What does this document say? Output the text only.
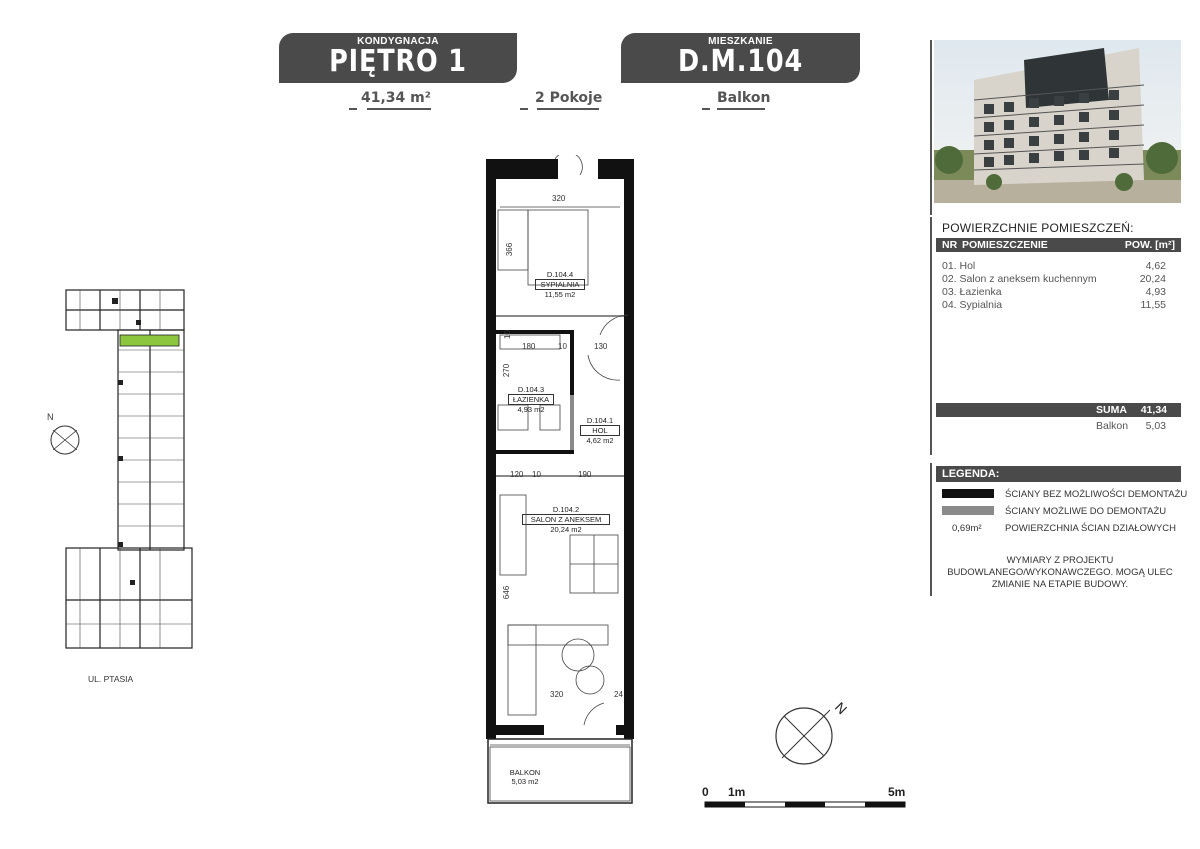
KONDYGNACJA
PIĘTRO 1
MIESZKANIE
D.M.104
41,34 m²	2 Pokoje	Balkon
POWIERZCHNIE POMIESZCZEŃ:
NR POMIESZCZENIE	POW. [m²]
01. Hol	4,62
02. Salon z aneksem kuchennym	20,24
03. Łazienka	4,93
04. Sypialnia	11,55
SUMA 41,34
Balkon 5,03
LEGENDA:
ŚCIANY BEZ MOŻLIWOŚCI DEMONTAŻU
ŚCIANY MOŻLIWE DO DEMONTAŻU
0,69m² POWIERZCHNIA ŚCIAN DZIAŁOWYCH
WYMIARY Z PROJEKTU BUDOWLANEGO/WYKONAWCZEGO. MOGĄ ULEC ZMIANIE NA ETAPIE BUDOWY.
UL. PTASIA
N
D.104.4
SYPIALNIA
11,55 m2
D.104.3
ŁAZIENKA
4,93 m2
D.104.1
HOL
4,62 m2
D.104.2
SALON Z ANEKSEM
20,24 m2
BALKON
5,03 m2
320
366
10
180	10	130
270
120 10	190
646
320	24
N
0 1m	5m
